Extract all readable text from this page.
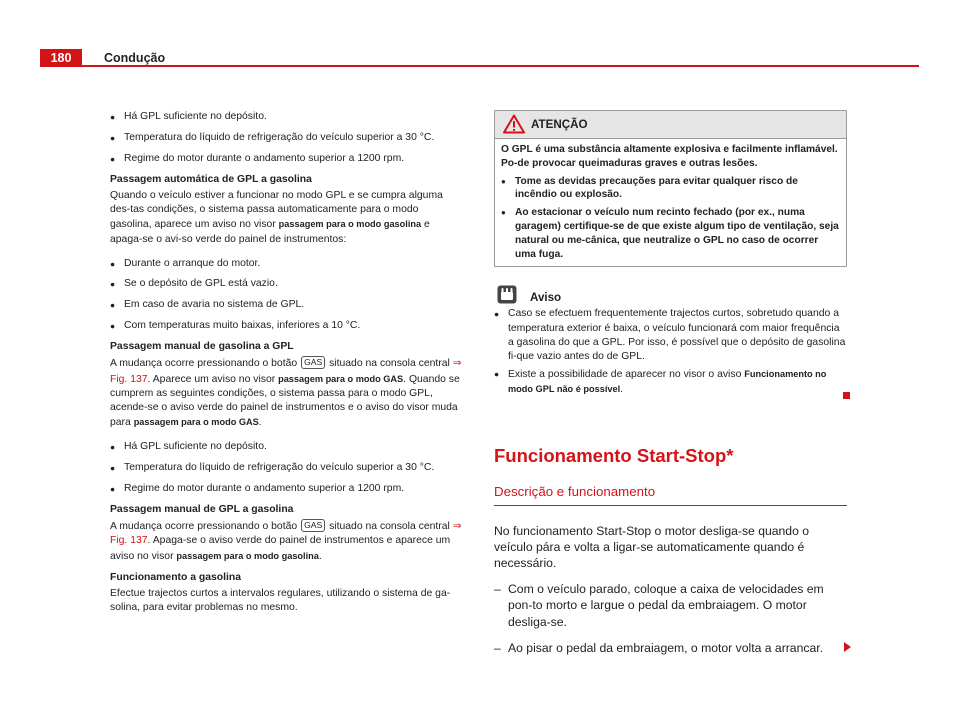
180	Condução
● Há GPL suficiente no depósito.
● Temperatura do líquido de refrigeração do veículo superior a 30 °C.
● Regime do motor durante o andamento superior a 1200 rpm.
Passagem automática de GPL a gasolina
Quando o veículo estiver a funcionar no modo GPL e se cumpra alguma des-tas condições, o sistema passa automaticamente para o modo gasolina, aparece um aviso no visor passagem para o modo gasolina e apaga-se o avi-so verde do painel de instrumentos:
● Durante o arranque do motor.
● Se o depósito de GPL está vazio.
● Em caso de avaria no sistema de GPL.
● Com temperaturas muito baixas, inferiores a 10 °C.
Passagem manual de gasolina a GPL
A mudança ocorre pressionando o botão GAS situado na consola central ⇒ Fig. 137. Aparece um aviso no visor passagem para o modo GAS. Quando se cumprem as seguintes condições, o sistema passa para o modo GPL, acende-se o aviso verde do painel de instrumentos e o aviso do visor muda para passagem para o modo GAS.
● Há GPL suficiente no depósito.
● Temperatura do líquido de refrigeração do veículo superior a 30 °C.
● Regime do motor durante o andamento superior a 1200 rpm.
Passagem manual de GPL a gasolina
A mudança ocorre pressionando o botão GAS situado na consola central ⇒ Fig. 137. Apaga-se o aviso verde do painel de instrumentos e aparece um aviso no visor passagem para o modo gasolina.
Funcionamento a gasolina
Efectue trajectos curtos a intervalos regulares, utilizando o sistema de ga-solina, para evitar problemas no mesmo.
ATENÇÃO
O GPL é uma substância altamente explosiva e facilmente inflamável. Po-de provocar queimaduras graves e outras lesões.
● Tome as devidas precauções para evitar qualquer risco de incêndio ou explosão.
● Ao estacionar o veículo num recinto fechado (por ex., numa garagem) certifique-se de que existe algum tipo de ventilação, seja natural ou me-cânica, que neutralize o GPL no caso de ocorrer uma fuga.
Aviso
● Caso se efectuem frequentemente trajectos curtos, sobretudo quando a temperatura exterior é baixa, o veículo funcionará com maior frequência a gasolina do que a GPL. Por isso, é possível que o depósito de gasolina fi-que vazio antes do de GPL.
● Existe a possibilidade de aparecer no visor o aviso Funcionamento no modo GPL não é possível.
Funcionamento Start-Stop*
Descrição e funcionamento
No funcionamento Start-Stop o motor desliga-se quando o veículo pára e volta a ligar-se automaticamente quando é necessário.
– Com o veículo parado, coloque a caixa de velocidades em pon-to morto e largue o pedal da embraiagem. O motor desliga-se.
– Ao pisar o pedal da embraiagem, o motor volta a arrancar.
